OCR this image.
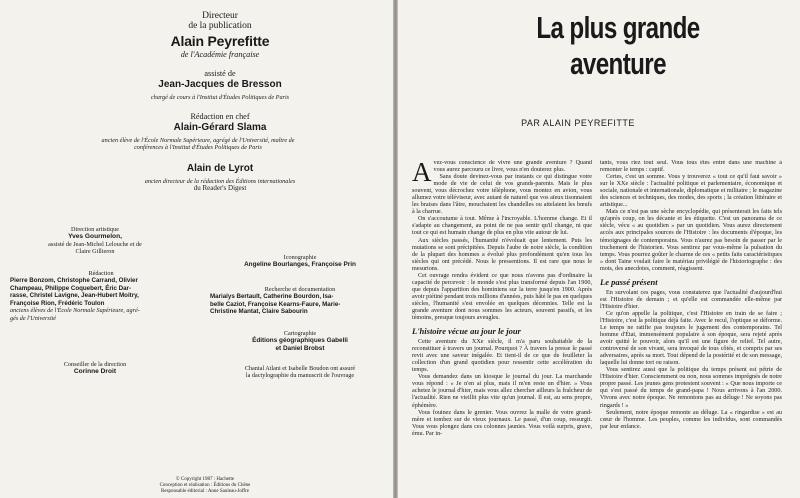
Directeur
de la publication
Alain Peyrefitte
de l'Académie française
assisté de
Jean-Jacques de Bresson
chargé de cours à l'Institut d'Études Politiques de Paris
Rédaction en chef
Alain-Gérard Slama
ancien élève de l'École Normale Supérieure, agrégé de l'Université, maître de
conférences à l'Institut d'Études Politiques de Paris
Alain de Lyrot
ancien directeur de la rédaction des Éditions internationales
du Reader's Digest
Direction artistique
Yves Gourmelon,
assisté de Jean-Michel Lelouche et de
Claire Gillieron
Rédaction

Pierre Bonzom, Christophe Carrand, Olivier

Champeau, Philippe Coquebert, Éric Dar-

rasse, Christel Lavigne, Jean-Hubert Moitry,

Françoise Rion, Frédéric Toulon

anciens élèves de l'École Normale Supérieure, agré-
gés de l'Université
Conseiller de la direction
Corinne Droit
Iconographie
Angeline Bourlanges, Françoise Prin
Recherche et documentation

Marialys Bertault, Catherine Bourdon, Isa-

belle Caziot, Françoise Kearns-Faure, Marie-

Christine Mantat, Claire Sabourin

Cartographie
Éditions géographiques Gabelli
et Daniel Brobst
Chantal Atlani et Isabelle Boudon ont assuré
la dactylographie du manuscrit de l'ouvrage
© Copyright 1987 : Hachette
Conception et réalisation : Éditions du Chêne
Responsable éditorial : Anne Sauleau-Joffre
La plus grande
aventure
PAR ALAIN PEYREFITTE

Avez-vous conscience de vivre une grande aventure ? Quand vous aurez parcouru ce livre, vous n'en douterez plus.

Sans doute devinez-vous par instants ce qui distingue votre mode de vie de celui de vos grands-parents. Mais le plus souvent, vous décrochez votre téléphone, vous montez en avion, vous allumez votre téléviseur, avec autant de naturel que vos aïeux tisonnaient les braises dans l'âtre, mouchaient les chandelles ou attelaient les bœufs à la charrue.

On s'accoutume à tout. Même à l'incroyable. L'homme change. Et il s'adapte au changement, au point de ne pas sentir qu'il change, ni que tout ce qui est humain change de plus en plus vite autour de lui.

Aux siècles passés, l'humanité n'évoluait que lentement. Puis les mutations se sont précipitées. Depuis l'aube de notre siècle, la condition de la plupart des hommes a évolué plus profondément qu'en tous les siècles qui ont précédé. Nous le pressentions. Il est rare que nous le mesurions.

Cet ouvrage rendra évident ce que nous n'avons pas d'ordinaire la capacité de percevoir : le monde s'est plus transformé depuis l'an 1900, que depuis l'apparition des hominiens sur la terre jusqu'en 1900. Après avoir piétiné pendant trois millions d'années, puis hâté le pas en quelques siècles, l'humanité s'est envolée en quelques décennies. Telle est la grande aventure dont nous sommes les acteurs, souvent passifs, et les témoins, presque toujours aveugles.

L'histoire vécue au jour le jour

Cette aventure du XXe siècle, il m'a paru souhaitable de la reconstituer à travers un journal. Pourquoi ? À travers la presse le passé revit avec une saveur inégalée. Et tient-il de ce que de feuilleter la collection d'un grand quotidien pour ressentir cette accélération du temps.

Vous demandez dans un kiosque le journal du jour. La marchande vous répond : « Je n'en ai plus, mais il m'en reste un d'hier. » Vous achetez le journal d'hier, mais vous allez chercher ailleurs la fraîcheur de l'actualité. Rien ne vieillit plus vite qu'un journal. Il est, au sens propre, éphémère.

Vous fouinez dans le grenier. Vous ouvrez la malle de votre grand-mère et tombez sur de vieux journaux. Le passé, d'un coup, ressurgit. Vous vous plongez dans ces colonnes jaunies. Vous voilà surpris, grave, ému. Par in-

tants, vous riez tout seul. Vous tous êtes entré dans une machine à remonter le temps : captif.

Certes, c'est un somme. Vous y trouverez « tout ce qu'il faut savoir » sur le XXe siècle : l'actualité politique et parlementaire, économique et sociale, nationale et internationale, diplomatique et militaire ; le magazine des sciences et techniques, des modes, des sports ; la création littéraire et artistique...

Mais ce n'est pas une sèche encyclopédie, qui présenterait les faits tels qu'après coup, on les décante et les étiquette. C'est un panorama de ce siècle, vécu « au quotidien » par un quotidien. Vous aurez directement accès aux principales sources de l'Histoire : les documents d'époque, les témoignages de contemporains. Vous n'aurez pas besoin de passer par le truchement de l'historien. Vous sentirez par vous-même la pulsation du temps. Vous pourrez goûter le charme de ces « petits faits caractéristiques » dont Taine voulait faire le matériau privilégié de l'historiographe : des mots, des anecdotes, comment, réagissent.

Le passé présent

En survolant ces pages, vous constaterez que l'actualité d'aujourd'hui est l'Histoire de demain ; et qu'elle est commandée elle-même par l'Histoire d'hier.

Ce qu'on appelle la politique, c'est l'Histoire en train de se faire ; l'Histoire, c'est la politique déjà faite. Avec le recul, l'optique se déforme. Le temps ne ratifie pas toujours le jugement des contemporains. Tel homme d'État, immensément populaire à son époque, sera rejeté après avoir quitté le pouvoir, alors qu'il est une figure de relief. Tel autre, controversé de son vivant, sera invoqué de tous côtés, et compris par ses adversaires, après sa mort. Tout dépend de la postérité et de son message, laquelle lui donne tort ou raison.

Vous sentirez aussi que la politique du temps présent est pétrie de l'Histoire d'hier. Consciemment ou non, nous sommes imprégnés de notre propre passé. Les jeunes gens protestent souvent : « Que nous importe ce qui s'est passé du temps de grand-papa ! Nous arrivons à l'an 2000. Vivons avec notre époque. Ne remontons pas au déluge ! Ne soyons pas ringards ! »

Seulement, notre époque remonte au déluge. La « ringardise » est au cœur de l'homme. Les peuples, comme les individus, sont commandés par leur enfance.
